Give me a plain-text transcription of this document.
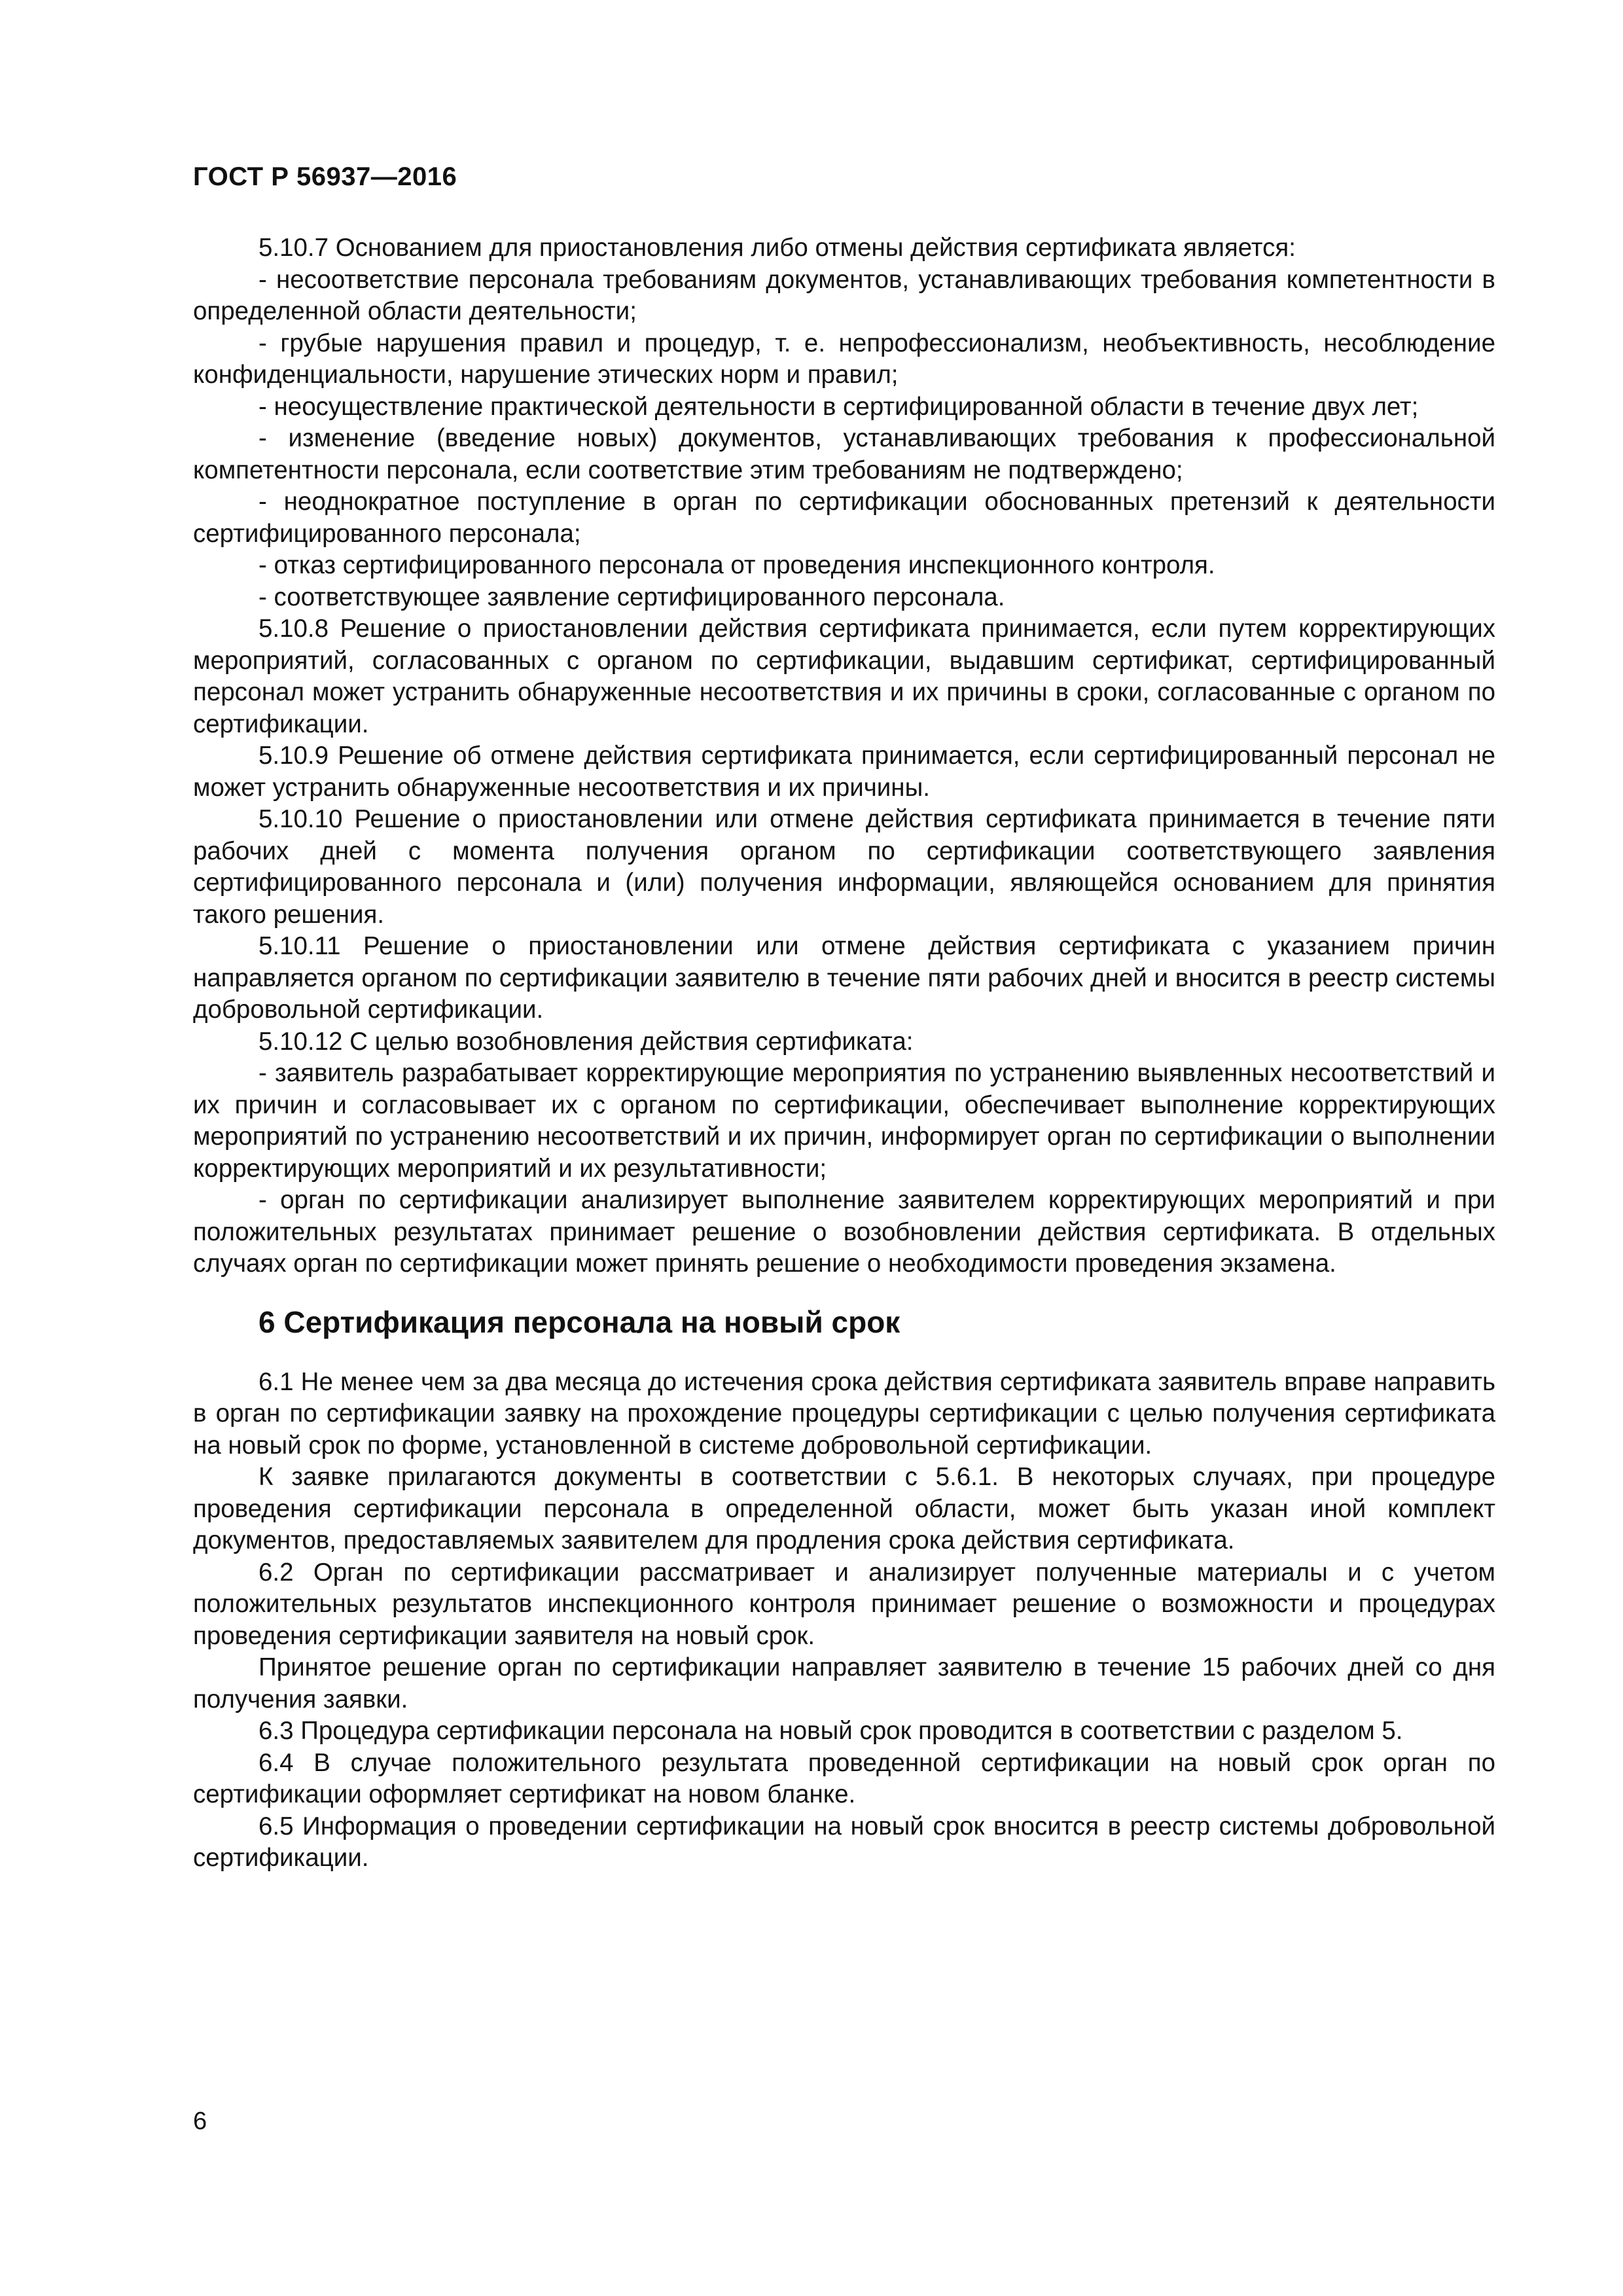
ГОСТ Р 56937—2016

5.10.7 Основанием для приостановления либо отмены действия сертификата является:

- несоответствие персонала требованиям документов, устанавливающих требования компетентности в определенной области деятельности;

- грубые нарушения правил и процедур, т. е. непрофессионализм, необъективность, несоблюдение конфиденциальности, нарушение этических норм и правил;

- неосуществление практической деятельности в сертифицированной области в течение двух лет;

- изменение (введение новых) документов, устанавливающих требования к профессиональной компетентности персонала, если соответствие этим требованиям не подтверждено;

- неоднократное поступление в орган по сертификации обоснованных претензий к деятельности сертифицированного персонала;

- отказ сертифицированного персонала от проведения инспекционного контроля.

- соответствующее заявление сертифицированного персонала.

5.10.8 Решение о приостановлении действия сертификата принимается, если путем корректирующих мероприятий, согласованных с органом по сертификации, выдавшим сертификат, сертифицированный персонал может устранить обнаруженные несоответствия и их причины в сроки, согласованные с органом по сертификации.

5.10.9 Решение об отмене действия сертификата принимается, если сертифицированный персонал не может устранить обнаруженные несоответствия и их причины.

5.10.10 Решение о приостановлении или отмене действия сертификата принимается в течение пяти рабочих дней с момента получения органом по сертификации соответствующего заявления сертифицированного персонала и (или) получения информации, являющейся основанием для принятия такого решения.

5.10.11 Решение о приостановлении или отмене действия сертификата с указанием причин направляется органом по сертификации заявителю в течение пяти рабочих дней и вносится в реестр системы добровольной сертификации.

5.10.12 С целью возобновления действия сертификата:

- заявитель разрабатывает корректирующие мероприятия по устранению выявленных несоответствий и их причин и согласовывает их с органом по сертификации, обеспечивает выполнение корректирующих мероприятий по устранению несоответствий и их причин, информирует орган по сертификации о выполнении корректирующих мероприятий и их результативности;

- орган по сертификации анализирует выполнение заявителем корректирующих мероприятий и при положительных результатах принимает решение о возобновлении действия сертификата. В отдельных случаях орган по сертификации может принять решение о необходимости проведения экзамена.

6 Сертификация персонала на новый срок

6.1 Не менее чем за два месяца до истечения срока действия сертификата заявитель вправе направить в орган по сертификации заявку на прохождение процедуры сертификации с целью получения сертификата на новый срок по форме, установленной в системе добровольной сертификации.

К заявке прилагаются документы в соответствии с 5.6.1. В некоторых случаях, при процедуре проведения сертификации персонала в определенной области, может быть указан иной комплект документов, предоставляемых заявителем для продления срока действия сертификата.

6.2 Орган по сертификации рассматривает и анализирует полученные материалы и с учетом положительных результатов инспекционного контроля принимает решение о возможности и процедурах проведения сертификации заявителя на новый срок.

Принятое решение орган по сертификации направляет заявителю в течение 15 рабочих дней со дня получения заявки.

6.3 Процедура сертификации персонала на новый срок проводится в соответствии с разделом 5.

6.4 В случае положительного результата проведенной сертификации на новый срок орган по сертификации оформляет сертификат на новом бланке.

6.5 Информация о проведении сертификации на новый срок вносится в реестр системы добровольной сертификации.

6
